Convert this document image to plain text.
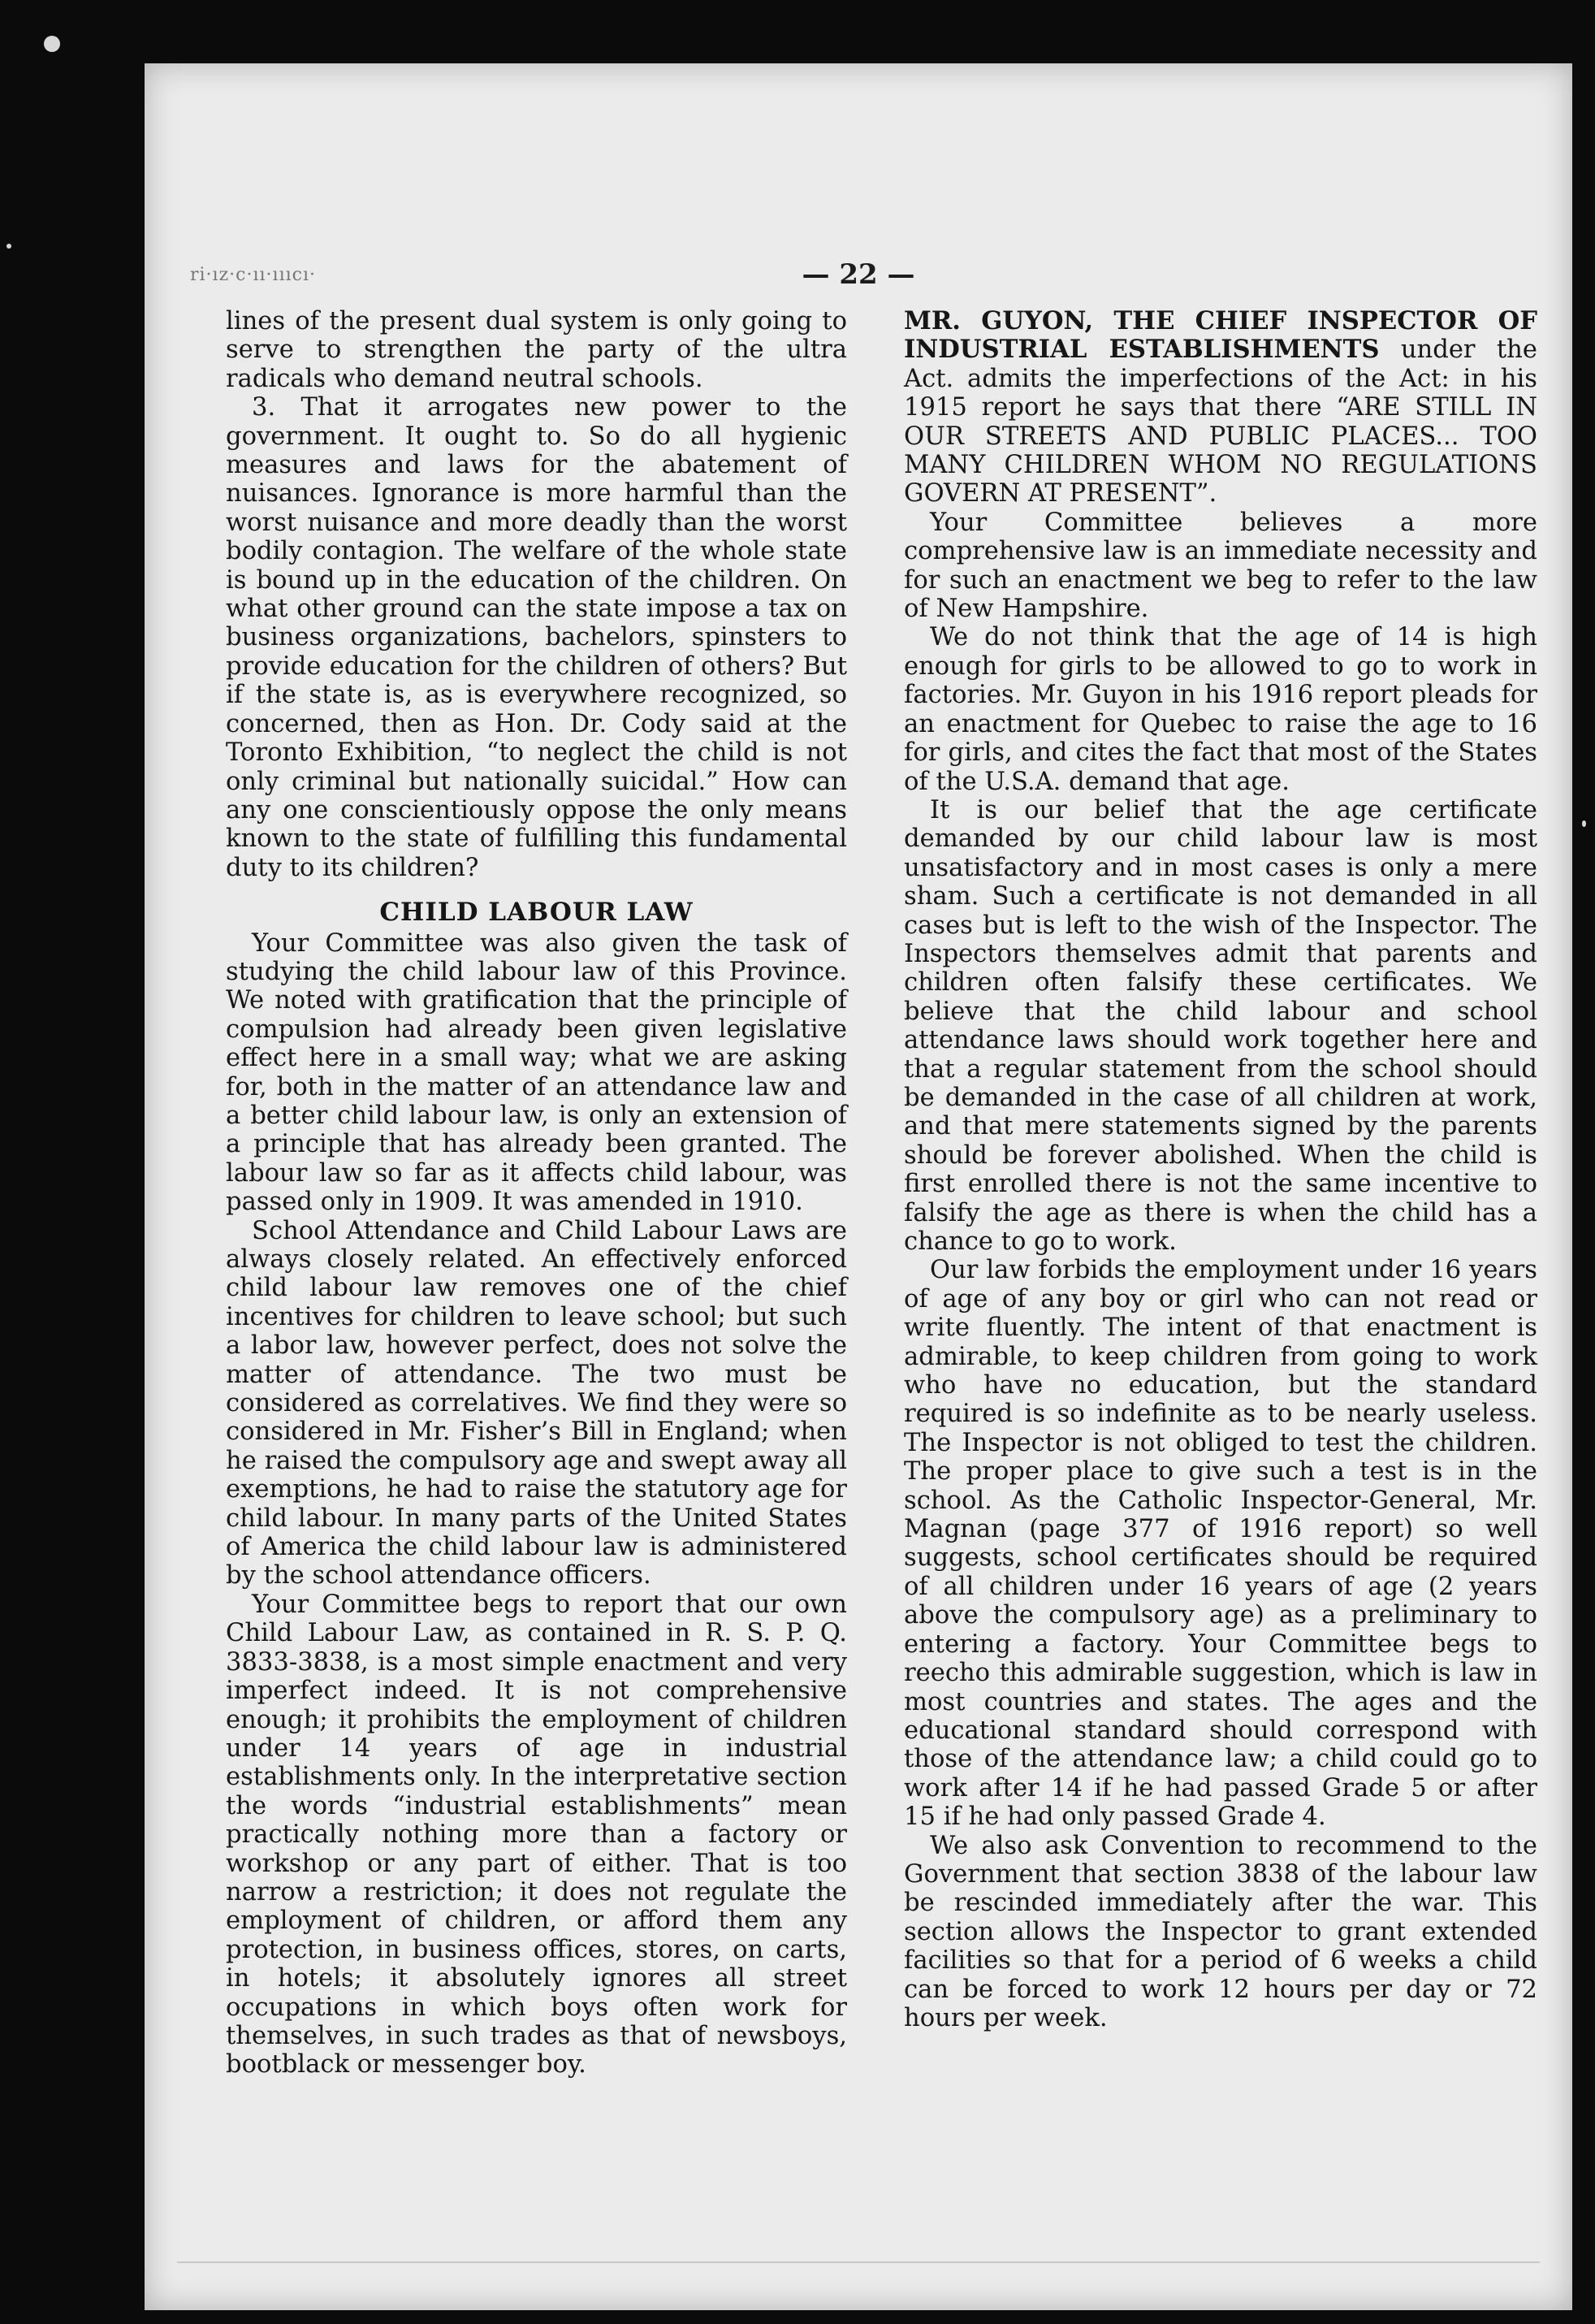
ri·ız·c·ıı·ıııcı·	— 22 —

lines of the present dual system is only going to serve to strengthen the party of the ultra radicals who demand neutral schools.

3. That it arrogates new power to the government. It ought to. So do all hygienic measures and laws for the abatement of nuisances. Ignorance is more harmful than the worst nuisance and more deadly than the worst bodily contagion. The welfare of the whole state is bound up in the education of the children. On what other ground can the state impose a tax on business organizations, bachelors, spinsters to provide education for the children of others? But if the state is, as is everywhere recognized, so concerned, then as Hon. Dr. Cody said at the Toronto Exhibition, “to neglect the child is not only criminal but nationally suicidal.” How can any one conscientiously oppose the only means known to the state of fulfilling this fundamental duty to its children?

CHILD LABOUR LAW

Your Committee was also given the task of studying the child labour law of this Province. We noted with gratification that the principle of compulsion had already been given legislative effect here in a small way; what we are asking for, both in the matter of an attendance law and a better child labour law, is only an extension of a principle that has already been granted. The labour law so far as it affects child labour, was passed only in 1909. It was amended in 1910.

School Attendance and Child Labour Laws are always closely related. An effectively enforced child labour law removes one of the chief incentives for children to leave school; but such a labor law, however perfect, does not solve the matter of attendance. The two must be considered as correlatives. We find they were so considered in Mr. Fisher’s Bill in England; when he raised the compulsory age and swept away all exemptions, he had to raise the statutory age for child labour. In many parts of the United States of America the child labour law is administered by the school attendance officers.

Your Committee begs to report that our own Child Labour Law, as contained in R. S. P. Q. 3833-3838, is a most simple enactment and very imperfect indeed. It is not comprehensive enough; it prohibits the employment of children under 14 years of age in industrial establishments only. In the interpretative section the words “industrial establishments” mean practically nothing more than a factory or workshop or any part of either. That is too narrow a restriction; it does not regulate the employment of children, or afford them any protection, in business offices, stores, on carts, in hotels; it absolutely ignores all street occupations in which boys often work for themselves, in such trades as that of newsboys, bootblack or messenger boy.

MR. GUYON, THE CHIEF INSPECTOR OF INDUSTRIAL ESTABLISHMENTS under the Act. admits the imperfections of the Act: in his 1915 report he says that there “ARE STILL IN OUR STREETS AND PUBLIC PLACES... TOO MANY CHILDREN WHOM NO REGULATIONS GOVERN AT PRESENT”.

Your Committee believes a more comprehensive law is an immediate necessity and for such an enactment we beg to refer to the law of New Hampshire.

We do not think that the age of 14 is high enough for girls to be allowed to go to work in factories. Mr. Guyon in his 1916 report pleads for an enactment for Quebec to raise the age to 16 for girls, and cites the fact that most of the States of the U.S.A. demand that age.

It is our belief that the age certificate demanded by our child labour law is most unsatisfactory and in most cases is only a mere sham. Such a certificate is not demanded in all cases but is left to the wish of the Inspector. The Inspectors themselves admit that parents and children often falsify these certificates. We believe that the child labour and school attendance laws should work together here and that a regular statement from the school should be demanded in the case of all children at work, and that mere statements signed by the parents should be forever abolished. When the child is first enrolled there is not the same incentive to falsify the age as there is when the child has a chance to go to work.

Our law forbids the employment under 16 years of age of any boy or girl who can not read or write fluently. The intent of that enactment is admirable, to keep children from going to work who have no education, but the standard required is so indefinite as to be nearly useless. The Inspector is not obliged to test the children. The proper place to give such a test is in the school. As the Catholic Inspector-General, Mr. Magnan (page 377 of 1916 report) so well suggests, school certificates should be required of all children under 16 years of age (2 years above the compulsory age) as a preliminary to entering a factory. Your Committee begs to reecho this admirable suggestion, which is law in most countries and states. The ages and the educational standard should correspond with those of the attendance law; a child could go to work after 14 if he had passed Grade 5 or after 15 if he had only passed Grade 4.

We also ask Convention to recommend to the Government that section 3838 of the labour law be rescinded immediately after the war. This section allows the Inspector to grant extended facilities so that for a period of 6 weeks a child can be forced to work 12 hours per day or 72 hours per week.
